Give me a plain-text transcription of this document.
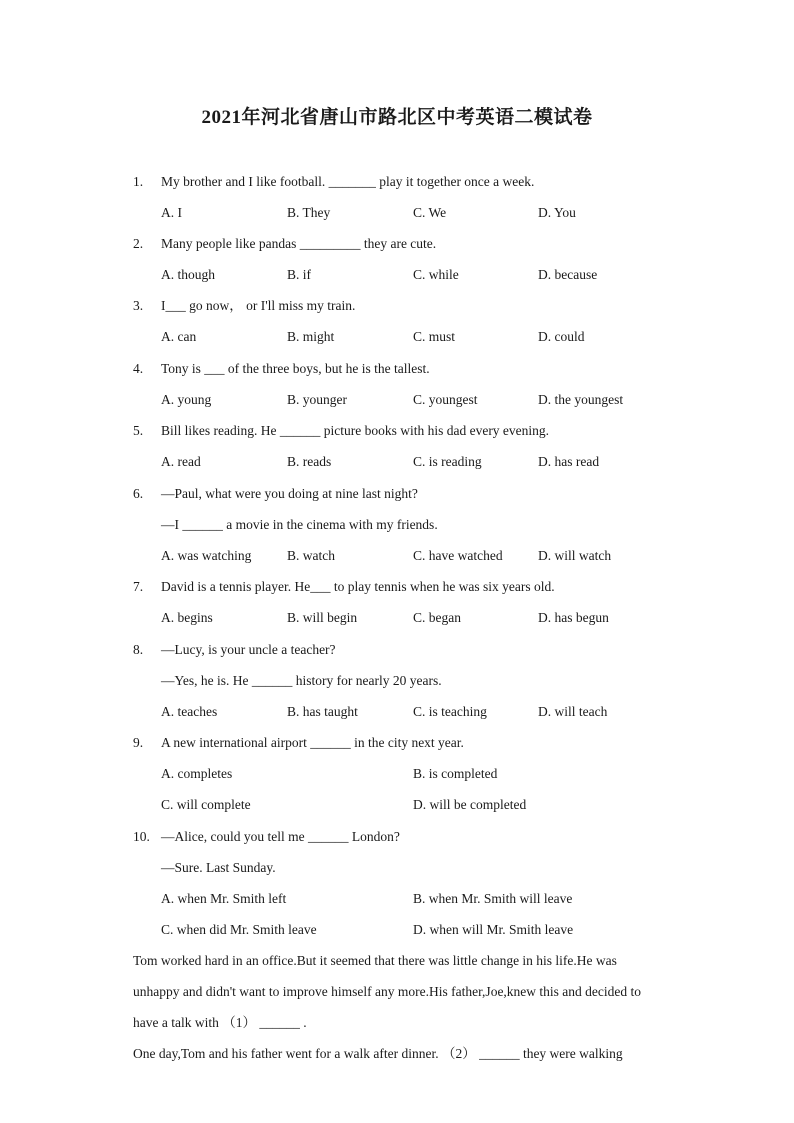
2021年河北省唐山市路北区中考英语二模试卷
1. My brother and I like football. _______ play it together once a week.
A. I	B. They	C. We	D. You
2. Many people like pandas _________ they are cute.
A. though	B. if	C. while	D. because
3. I___ go now， or I'll miss my train.
A. can	B. might	C. must	D. could
4. Tony is ___ of the three boys, but he is the tallest.
A. young	B. younger	C. youngest	D. the youngest
5. Bill likes reading. He ______ picture books with his dad every evening.
A. read	B. reads	C. is reading	D. has read
6. —Paul, what were you doing at nine last night?
—I ______ a movie in the cinema with my friends.
A. was watching	B. watch	C. have watched	D. will watch
7. David is a tennis player. He___ to play tennis when he was six years old.
A. begins	B. will begin	C. began	D. has begun
8. —Lucy, is your uncle a teacher?
—Yes, he is. He ______ history for nearly 20 years.
A. teaches	B. has taught	C. is teaching	D. will teach
9. A new international airport ______ in the city next year.
A. completes	B. is completed
C. will complete	D. will be completed
10. —Alice, could you tell me ______ London?
—Sure. Last Sunday.
A. when Mr. Smith left	B. when Mr. Smith will leave
C. when did Mr. Smith leave	D. when will Mr. Smith leave
Tom worked hard in an office.But it seemed that there was little change in his life.He was
unhappy and didn't want to improve himself any more.His father,Joe,knew this and decided to
have a talk with （1） ______ .
One day,Tom and his father went for a walk after dinner. （2） ______ they were walking
